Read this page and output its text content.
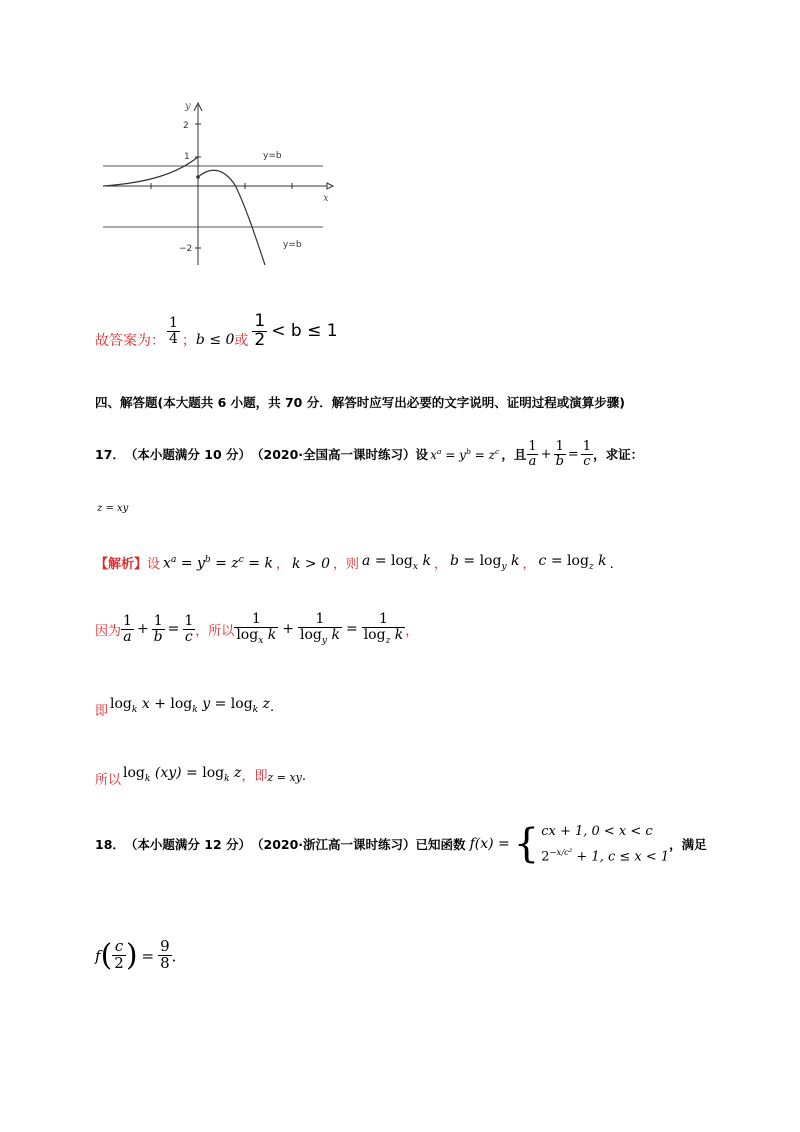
y
x
2
1
−2
y=b
y=b
故答案为： $\frac{1}{4}$ ； b ≤ 0 或 $\frac{1}{2} < b \le 1$
四、解答题(本大题共 6 小题，共 70 分．解答时应写出必要的文字说明、证明过程或演算步骤)
17． （本小题满分 10 分） （2020·全国高一课时练习）设 $x^a = y^b = z^c$ ，且 $\frac{1}{a} + \frac{1}{b} = \frac{1}{c}$ ，求证：
z = xy
【解析】 设 $x^a = y^b = z^c = k$ ， k > 0 ，则 $a = \log_x k$ ， $b = \log_y k$ ， $c = \log_z k$ .
因为 $\frac{1}{a} + \frac{1}{b} = \frac{1}{c}$ ，所以 $\frac{1}{\log_x k} + \frac{1}{\log_y k} = \frac{1}{\log_z k}$ ，
即 $\log_k x + \log_k y = \log_k z$ .
所以 $\log_k (xy) = \log_k z$ ，即 z = xy .
18． （本小题满分 12 分） （2020·浙江高一课时练习）已知函数 f(x) = { cx + 1, 0 < x < c
$2^{-x/c^2} + 1$, c ≤ x < 1
，满足
f ( $\frac{c}{2}$ ) = $\frac{9}{8}$ ．
